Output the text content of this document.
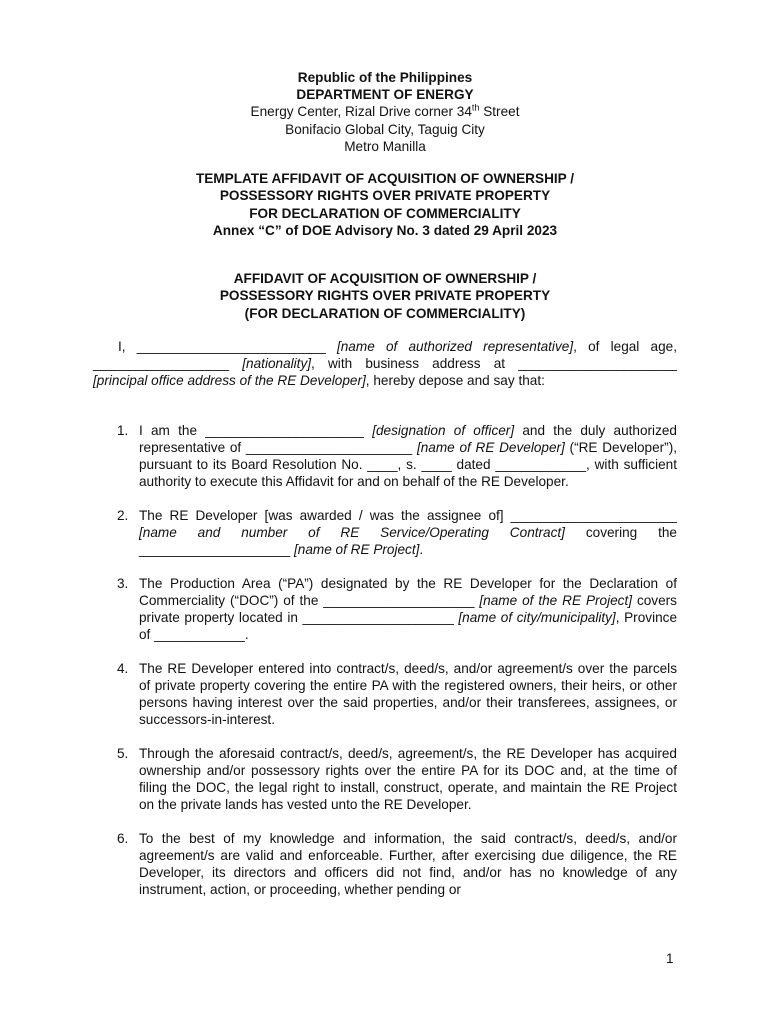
Republic of the Philippines
DEPARTMENT OF ENERGY
Energy Center, Rizal Drive corner 34th Street
Bonifacio Global City, Taguig City
Metro Manilla
TEMPLATE AFFIDAVIT OF ACQUISITION OF OWNERSHIP /
POSSESSORY RIGHTS OVER PRIVATE PROPERTY
FOR DECLARATION OF COMMERCIALITY
Annex “C” of DOE Advisory No. 3 dated 29 April 2023
AFFIDAVIT OF ACQUISITION OF OWNERSHIP /
POSSESSORY RIGHTS OVER PRIVATE PROPERTY
(FOR DECLARATION OF COMMERCIALITY)

I, _________________________ [name of authorized representative], of legal age, __________________ [nationality], with business address at _____________________ [principal office address of the RE Developer], hereby depose and say that:

1. I am the _____________________ [designation of officer] and the duly authorized representative of ______________________ [name of RE Developer] (“RE Developer”), pursuant to its Board Resolution No. ____, s. ____ dated ____________, with sufficient authority to execute this Affidavit for and on behalf of the RE Developer.
2. The RE Developer [was awarded / was the assignee of] ______________________ [name and number of RE Service/Operating Contract] covering the ____________________ [name of RE Project].
3. The Production Area (“PA”) designated by the RE Developer for the Declaration of Commerciality (“DOC”) of the ____________________ [name of the RE Project] covers private property located in ____________________ [name of city/municipality], Province of ____________.
4. The RE Developer entered into contract/s, deed/s, and/or agreement/s over the parcels of private property covering the entire PA with the registered owners, their heirs, or other persons having interest over the said properties, and/or their transferees, assignees, or successors-in-interest.
5. Through the aforesaid contract/s, deed/s, agreement/s, the RE Developer has acquired ownership and/or possessory rights over the entire PA for its DOC and, at the time of filing the DOC, the legal right to install, construct, operate, and maintain the RE Project on the private lands has vested unto the RE Developer.
6. To the best of my knowledge and information, the said contract/s, deed/s, and/or agreement/s are valid and enforceable. Further, after exercising due diligence, the RE Developer, its directors and officers did not find, and/or has no knowledge of any instrument, action, or proceeding, whether pending or
1
